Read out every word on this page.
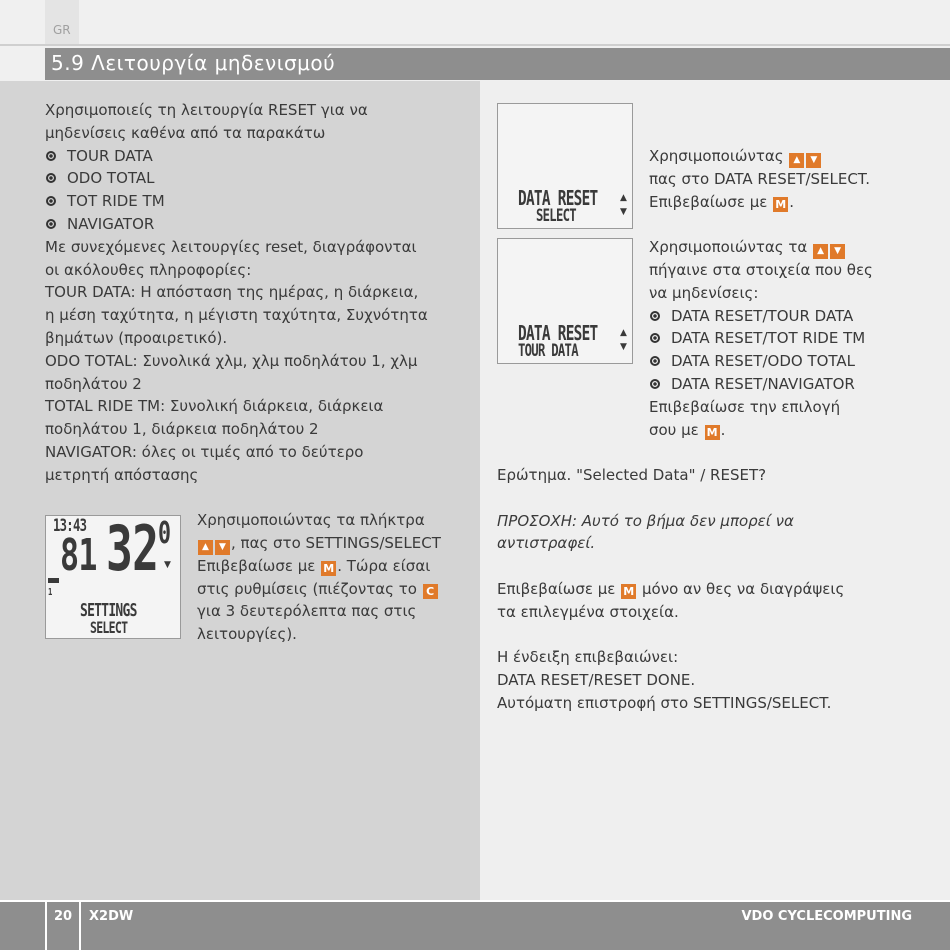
GR
5.9 Λειτουργία μηδενισμού

Χρησιμοποιείς τη λειτουργία RESET για να

μηδενίσεις καθένα από τα παρακάτω

TOUR DATA

ODO TOTAL

TOT RIDE TM

NAVIGATOR

Με συνεχόμενες λειτουργίες reset, διαγράφονται

οι ακόλουθες πληροφορίες:

TOUR DATA: Η απόσταση της ημέρας, η διάρκεια,

η μέση ταχύτητα, η μέγιστη ταχύτητα, Συχνότητα

βημάτων (προαιρετικό).

ODO TOTAL: Συνολικά χλμ, χλμ ποδηλάτου 1, χλμ

ποδηλάτου 2

TOTAL RIDE TM: Συνολική διάρκεια, διάρκεια

ποδηλάτου 1, διάρκεια ποδηλάτου 2

NAVIGATOR: όλες οι τιμές από το δεύτερο

μετρητή απόστασης

13:43
81 32 0
▼
1
SETTINGS
SELECT

Χρησιμοποιώντας τα πλήκτρα

▲ ▼ , πας στο SETTINGS/SELECT

Επιβεβαίωσε με M . Τώρα είσαι

στις ρυθμίσεις (πιέζοντας το C

για 3 δευτερόλεπτα πας στις

λειτουργίες).

DATA RESET
SELECT
▲
▼
DATA RESET
TOUR DATA
▲
▼

Χρησιμοποιώντας ▲ ▼

πας στο DATA RESET/SELECT.

Επιβεβαίωσε με M .

Χρησιμοποιώντας τα ▲ ▼

πήγαινε στα στοιχεία που θες

να μηδενίσεις:

DATA RESET/TOUR DATA

DATA RESET/TOT RIDE TM

DATA RESET/ODO TOTAL

DATA RESET/NAVIGATOR

Επιβεβαίωσε την επιλογή

σου με M .

Ερώτημα. "Selected Data" / RESET?

ΠΡΟΣΟΧΗ: Αυτό το βήμα δεν μπορεί να

αντιστραφεί.

Επιβεβαίωσε με M μόνο αν θες να διαγράψεις

τα επιλεγμένα στοιχεία.

Η ένδειξη επιβεβαιώνει:

DATA RESET/RESET DONE.

Αυτόματη επιστροφή στο SETTINGS/SELECT.

20 X2DW	VDO CYCLECOMPUTING
